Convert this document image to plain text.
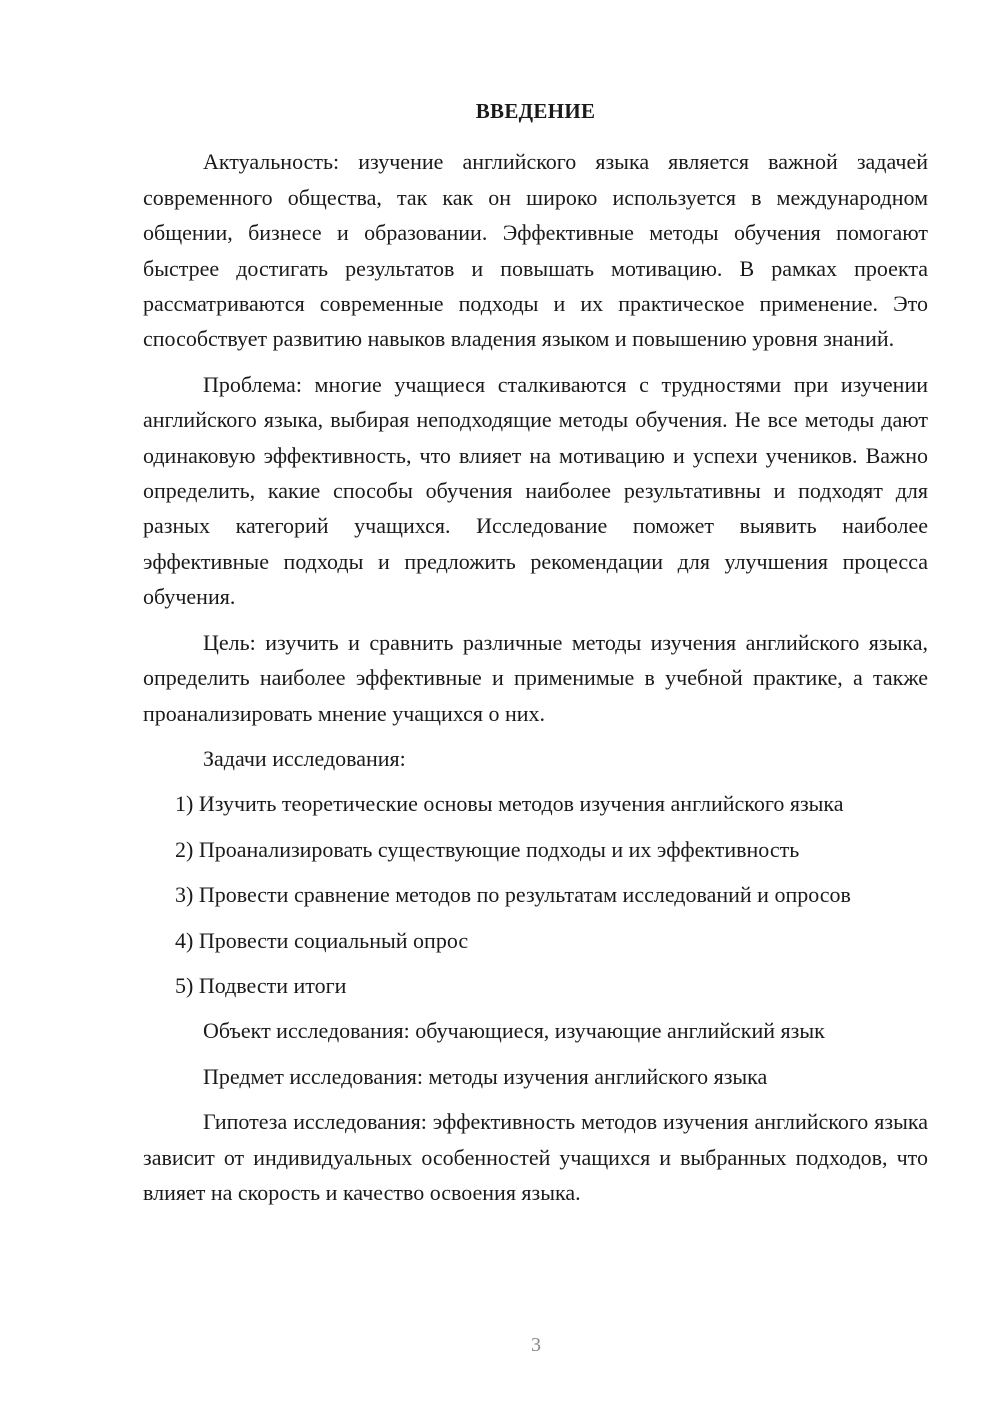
ВВЕДЕНИЕ

Актуальность: изучение английского языка является важной задачей современного общества, так как он широко используется в международном общении, бизнесе и образовании. Эффективные методы обучения помогают быстрее достигать результатов и повышать мотивацию. В рамках проекта рассматриваются современные подходы и их практическое применение. Это способствует развитию навыков владения языком и повышению уровня знаний.

Проблема: многие учащиеся сталкиваются с трудностями при изучении английского языка, выбирая неподходящие методы обучения. Не все методы дают одинаковую эффективность, что влияет на мотивацию и успехи учеников. Важно определить, какие способы обучения наиболее результативны и подходят для разных категорий учащихся. Исследование поможет выявить наиболее эффективные подходы и предложить рекомендации для улучшения процесса обучения.

Цель: изучить и сравнить различные методы изучения английского языка, определить наиболее эффективные и применимые в учебной практике, а также проанализировать мнение учащихся о них.

Задачи исследования:

1) Изучить теоретические основы методов изучения английского языка

2) Проанализировать существующие подходы и их эффективность

3) Провести сравнение методов по результатам исследований и опросов

4) Провести социальный опрос

5) Подвести итоги

Объект исследования: обучающиеся, изучающие английский язык

Предмет исследования: методы изучения английского языка

Гипотеза исследования: эффективность методов изучения английского языка зависит от индивидуальных особенностей учащихся и выбранных подходов, что влияет на скорость и качество освоения языка.

3
